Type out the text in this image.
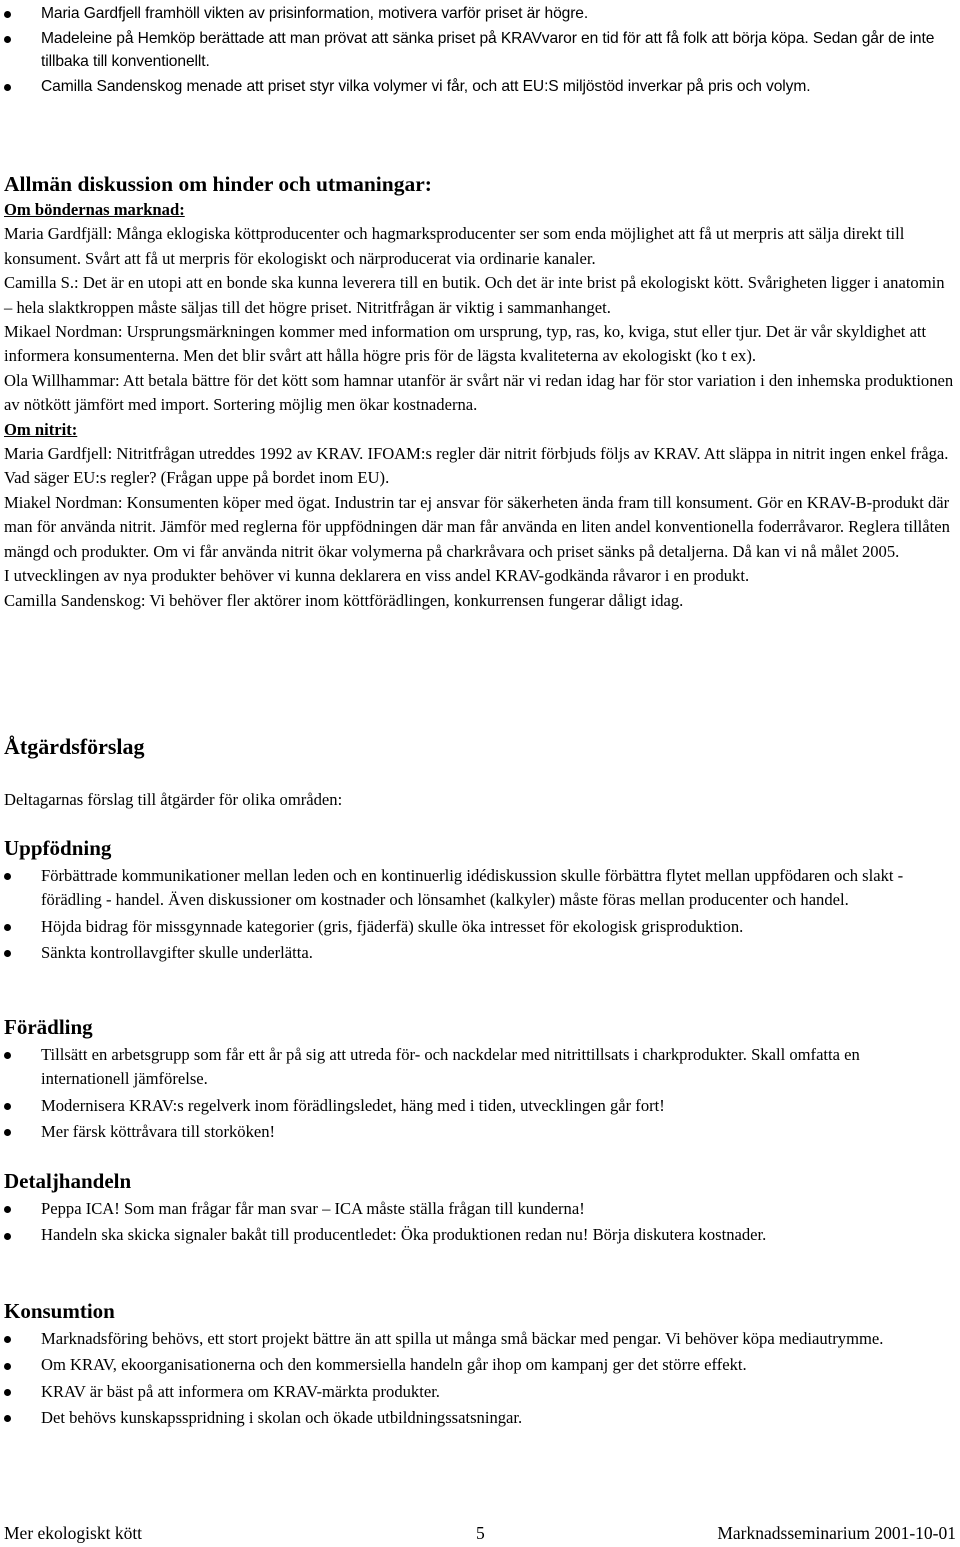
Maria Gardfjell framhöll vikten av prisinformation, motivera varför priset är högre.
Madeleine på Hemköp berättade att man prövat att sänka priset på KRAVvaror en tid för att få folk att börja köpa. Sedan går de inte tillbaka till konventionellt.
Camilla Sandenskog menade att priset styr vilka volymer vi får, och att EU:S miljöstöd inverkar på pris och volym.
Allmän diskussion om hinder och utmaningar:
Om böndernas marknad:

Maria Gardfjäll: Många eklogiska köttproducenter och hagmarksproducenter ser som enda möjlighet att få ut merpris att sälja direkt till konsument. Svårt att få ut merpris för ekologiskt och närproducerat via ordinarie kanaler.

Camilla S.: Det är en utopi att en bonde ska kunna leverera till en butik. Och det är inte brist på ekologiskt kött. Svårigheten ligger i anatomin – hela slaktkroppen måste säljas till det högre priset. Nitritfrågan är viktig i sammanhanget.

Mikael Nordman: Ursprungsmärkningen kommer med information om ursprung, typ, ras, ko, kviga, stut eller tjur. Det är vår skyldighet att informera konsumenterna. Men det blir svårt att hålla högre pris för de lägsta kvaliteterna av ekologiskt (ko t ex).

Ola Willhammar: Att betala bättre för det kött som hamnar utanför är svårt när vi redan idag har för stor variation i den inhemska produktionen av nötkött jämfört med import. Sortering möjlig men ökar kostnaderna.

Om nitrit:

Maria Gardfjell: Nitritfrågan utreddes 1992 av KRAV. IFOAM:s regler där nitrit förbjuds följs av KRAV. Att släppa in nitrit ingen enkel fråga. Vad säger EU:s regler? (Frågan uppe på bordet inom EU).

Miakel Nordman: Konsumenten köper med ögat. Industrin tar ej ansvar för säkerheten ända fram till konsument. Gör en KRAV-B-produkt där man för använda nitrit. Jämför med reglerna för uppfödningen där man får använda en liten andel konventionella foderråvaror. Reglera tillåten mängd och produkter. Om vi får använda nitrit ökar volymerna på charkråvara och priset sänks på detaljerna. Då kan vi nå målet 2005.

I utvecklingen av nya produkter behöver vi kunna deklarera en viss andel KRAV-godkända råvaror i en produkt.

Camilla Sandenskog: Vi behöver fler aktörer inom köttförädlingen, konkurrensen fungerar dåligt idag.

Åtgärdsförslag

Deltagarnas förslag till åtgärder för olika områden:

Uppfödning
Förbättrade kommunikationer mellan leden och en kontinuerlig idédiskussion skulle förbättra flytet mellan uppfödaren och slakt - förädling - handel. Även diskussioner om kostnader och lönsamhet (kalkyler) måste föras mellan producenter och handel.
Höjda bidrag för missgynnade kategorier (gris, fjäderfä) skulle öka intresset för ekologisk grisproduktion.
Sänkta kontrollavgifter skulle underlätta.
Förädling
Tillsätt en arbetsgrupp som får ett år på sig att utreda för- och nackdelar med nitrittillsats i charkprodukter. Skall omfatta en internationell jämförelse.
Modernisera KRAV:s regelverk inom förädlingsledet, häng med i tiden, utvecklingen går fort!
Mer färsk köttråvara till storköken!
Detaljhandeln
Peppa ICA! Som man frågar får man svar – ICA måste ställa frågan till kunderna!
Handeln ska skicka signaler bakåt till producentledet: Öka produktionen redan nu! Börja diskutera kostnader.
Konsumtion
Marknadsföring behövs, ett stort projekt bättre än att spilla ut många små bäckar med pengar. Vi behöver köpa mediautrymme.
Om KRAV, ekoorganisationerna och den kommersiella handeln går ihop om kampanj ger det större effekt.
KRAV är bäst på att informera om KRAV-märkta produkter.
Det behövs kunskapsspridning i skolan och ökade utbildningssatsningar.
Mer ekologiskt kött	5	Marknadsseminarium 2001-10-01
